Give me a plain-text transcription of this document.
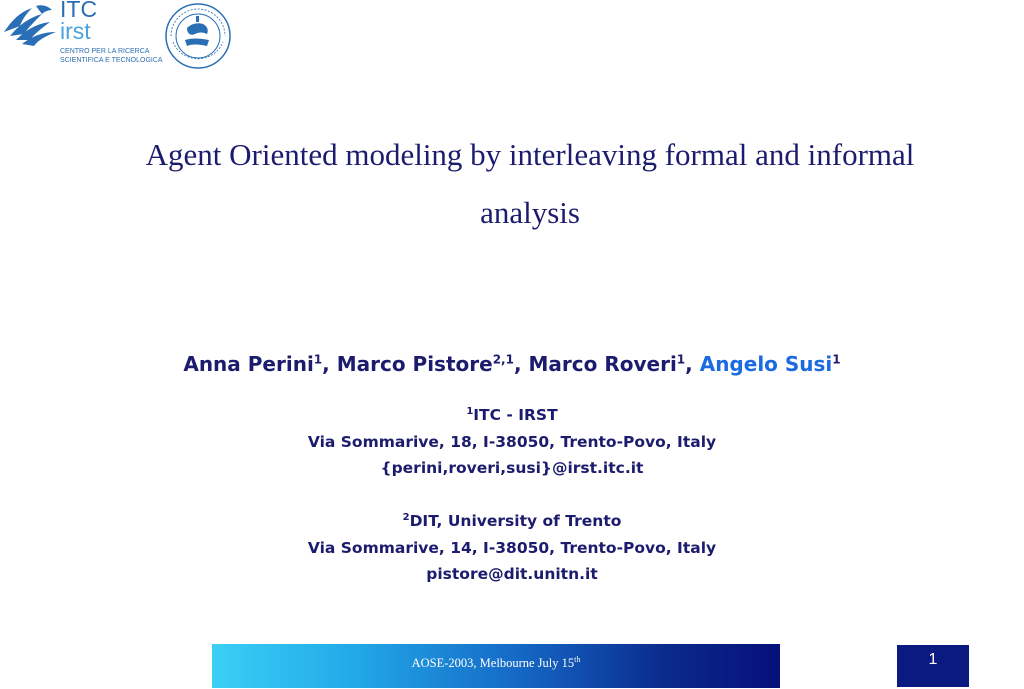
ITC
irst
CENTRO PER LA RICERCA
SCIENTIFICA E TECNOLOGICA
Agent Oriented modeling by interleaving formal and informal
analysis
Anna Perini$^1$, Marco Pistore$^{2,1}$, Marco Roveri$^1$, Angelo Susi$^1$
$^1$ITC - IRST
Via Sommarive, 18, I-38050, Trento-Povo, Italy
{perini,roveri,susi}@irst.itc.it
$^2$DIT, University of Trento
Via Sommarive, 14, I-38050, Trento-Povo, Italy
pistore@dit.unitn.it
AOSE-2003, Melbourne July 15th	1
